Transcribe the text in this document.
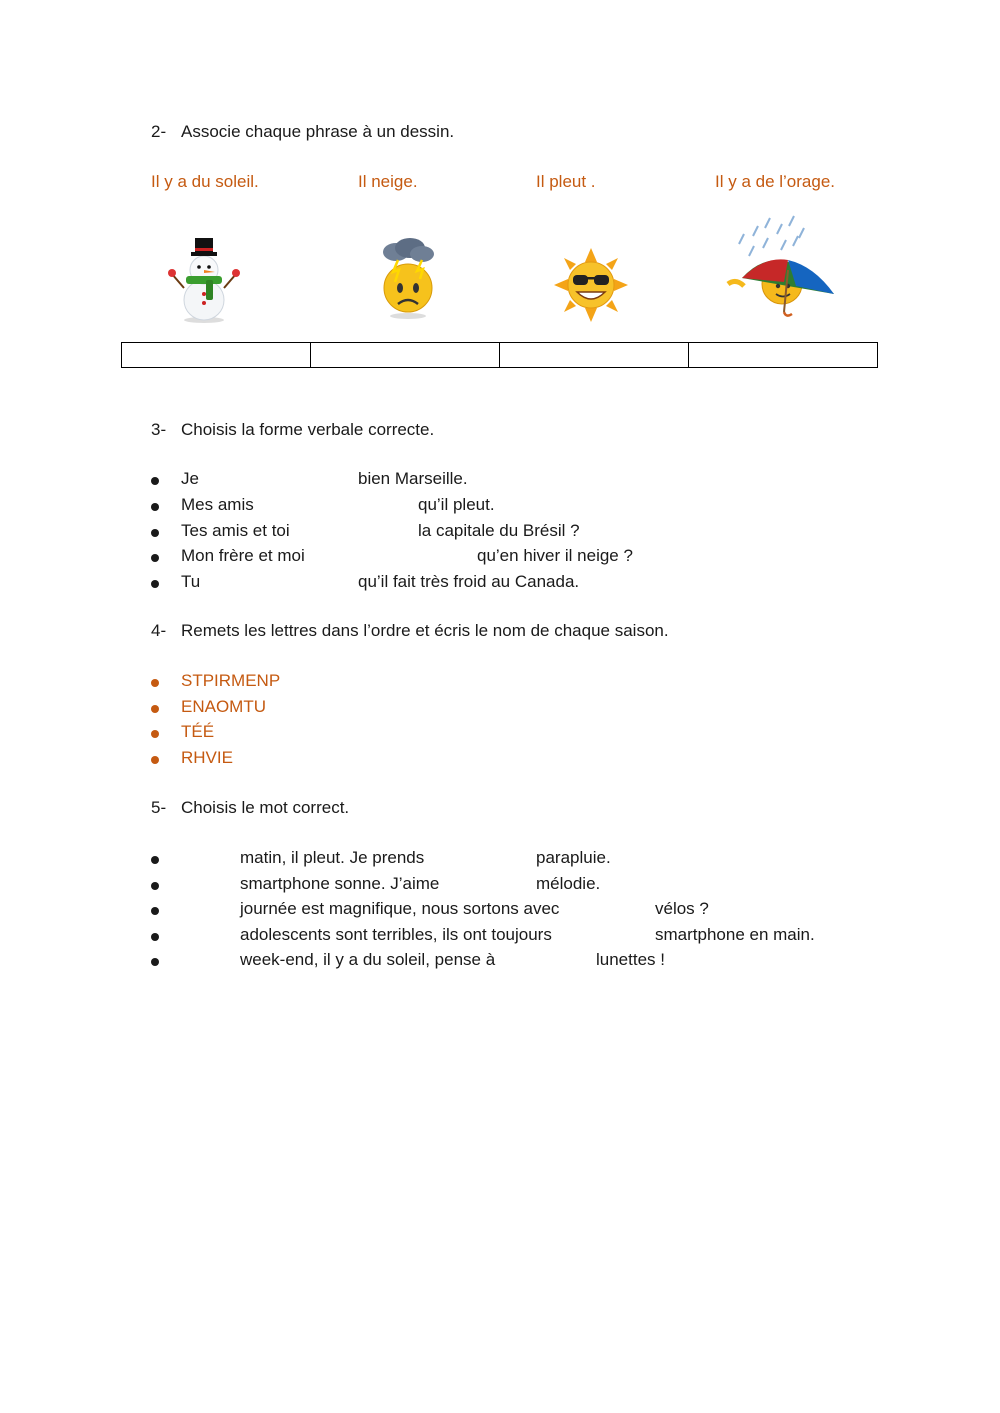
2- Associe chaque phrase à un dessin.
Il y a du soleil.	Il neige.	Il pleut .	Il y a de l’orage.

3- Choisis la forme verbale correcte.
Je	bien Marseille.
Mes amis	qu’il pleut.
Tes amis et toi	la capitale du Brésil ?
Mon frère et moi	qu’en hiver il neige ?
Tu	qu’il fait très froid au Canada.
4- Remets les lettres dans l’ordre et écris le nom de chaque saison.
STPIRMENP
ENAOMTU
TÉÉ
RHVIE
5- Choisis le mot correct.
matin, il pleut. Je prends	parapluie.
smartphone sonne. J’aime	mélodie.
journée est magnifique, nous sortons avec	vélos ?
adolescents sont terribles, ils ont toujours	smartphone en main.
week-end, il y a du soleil, pense à	lunettes !
